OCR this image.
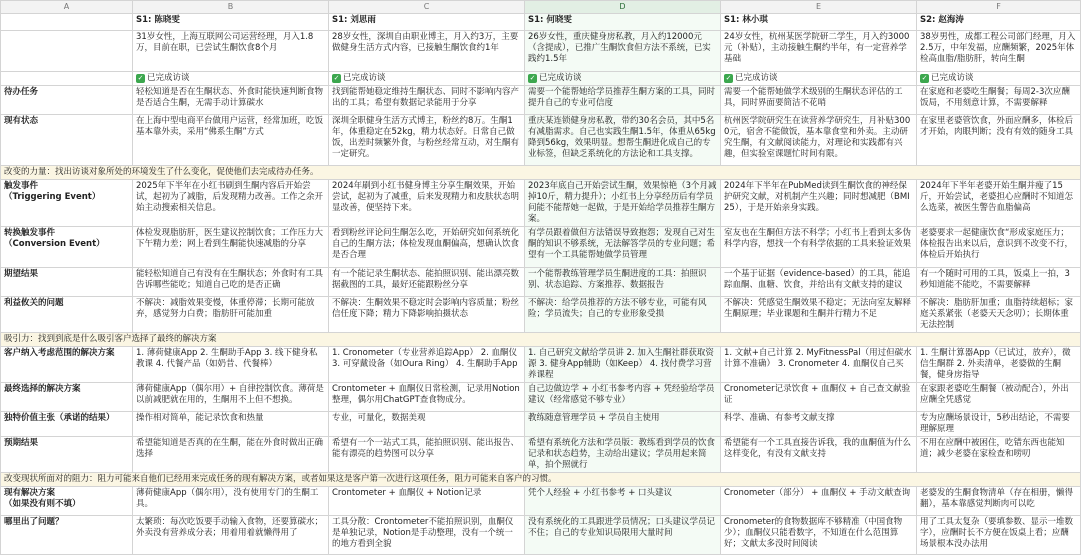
A	B	C	D	E	F
	S1: 陈晓雯	S1: 刘思雨	S1: 何晓雯	S1: 林小琪	S2: 赵海涛
	31岁女性，上海互联网公司运营经理，月入1.8万，目前在职，已尝试生酮饮食8个月	28岁女性，深圳自由职业博主，月入约3万，主要做健身生活方式内容，已接触生酮饮食约1年	26岁女性，重庆健身房私教，月入约12000元（含提成），已推广生酮饮食但方法不系统，已实践约1.5年	24岁女性，杭州某医学院研二学生，月入约3000元（补贴），主动接触生酮约半年，有一定营养学基础	38岁男性，成都工程公司部门经理，月入2.5万，中年发福，应酬频繁，2025年体检高血脂/脂肪肝，转向生酮
	✓ 已完成访谈	✓ 已完成访谈	✓ 已完成访谈	✓ 已完成访谈	✓ 已完成访谈
待办任务	轻松知道是否在生酮状态、外食时能快速判断食物是否适合生酮，无需手动计算碳水	找到能帮她稳定维持生酮状态、同时不影响内容产出的工具；希望有数据记录能用于分享	需要一个能帮她给学员推荐生酮方案的工具，同时提升自己的专业可信度	需要一个能帮她做学术级别的生酮状态评估的工具，同时界面要简洁不花哨	在家庭和老婆吃生酮餐；每周2-3次应酬饭局，不用刻意计算，不需要解释
现有状态	在上海中型电商平台做用户运营，经常加班，吃饭基本靠外卖，采用“佛系生酮”方式	深圳全职健身生活方式博主，粉丝约8万。生酮1年，体重稳定在52kg，精力状态好。日常自己做饭，出差时频繁外食，与粉丝经常互动，对生酮有一定研究。	重庆某连锁健身房私教，带约30名会员，其中5名有减脂需求。自己也实践生酮1.5年，体重从65kg降到56kg，效果明显。想帮生酮进化成自己的专业标签，但缺乏系统化的方法论和工具支撑。	杭州医学院研究生在读营养学研究生，月补贴3000元，宿舍不能做饭，基本靠食堂和外卖。主动研究生酮，有文献阅读能力，对理论和实践都有兴趣，但实验室课题忙时间有限。	在家里老婆管饮食，外面应酬多，体检后才开始，肉眼判断；没有有效的随身工具
改变的力量：找出访谈对象所处的环境发生了什么变化，促使他们去完成待办任务。					
触发事件
（Triggering Event）	2025年下半年在小红书刷到生酮内容后开始尝试，起初为了减脂，后发现精力改善。工作之余开始主动搜索相关信息。	2024年刷到小红书健身博主分享生酮效果，开始尝试，起初为了减重，后来发现精力和皮肤状态明显改善，便坚持下来。	2023年底自己开始尝试生酮，效果惊艳（3个月减掉10斤，精力提升）；小红书上分享经历后有学员问能不能帮她一起做，于是开始给学员推荐生酮方案。	2024年下半年在PubMed读到生酮饮食的神经保护研究文献，对机制产生兴趣；同时想减肥（BMI 25），于是开始亲身实践。	2024年下半年老婆开始生酮并瘦了15斤，开始尝试，老婆担心应酬时不知道怎么选菜，被医生警告血脂偏高
转换触发事件
（Conversion Event）	体检发现脂肪肝，医生建议控制饮食；工作压力大下午精力差；网上看到生酮能快速减脂的分享	看到粉丝评论问生酮怎么吃，开始研究如何系统化自己的生酮方法；体检发现血酮偏高，想确认饮食是否合理	有学员跟着做但方法错误导致抱怨；发现自己对生酮的知识不够系统，无法解答学员的专业问题；希望有一个工具能帮她做学员管理	室友也在生酮但方法不科学；小红书上看到太多伪科学内容，想找一个有科学依据的工具来验证效果	老婆要求一起健康饮食“形成家庭压力；体检报告出来以后，意识到不改变不行，体检后开始执行
期望结果	能轻松知道自己有没有在生酮状态；外食时有工具告诉哪些能吃；知道自己吃的是否正确	有一个能记录生酮状态、能拍照识别、能出漂亮数据截图的工具，最好还能跟粉丝分享	一个能帮教练管理学员生酮进度的工具：拍照识别、状态追踪、方案推荐、数据报告	一个基于证据（evidence-based）的工具，能追踪血酮、血糖、饮食，并给出有文献支持的建议	有一个随时可用的工具，饭桌上一拍，3秒知道能不能吃，不需要解释
利益攸关的问题	不解决：减脂效果变慢，体重停滞；长期可能放弃，感觉努力白费；脂肪肝可能加重	不解决：生酮效果不稳定时会影响内容质量；粉丝信任度下降；精力下降影响拍摄状态	不解决：给学员推荐的方法不够专业，可能有风险；学员流失；自己的专业形象受损	不解决：凭感觉生酮效果不稳定；无法向室友解释生酮原理；毕业课题和生酮并行精力不足	不解决：脂肪肝加重；血脂持续超标；家庭关系紧张（老婆天天念叨）；长期体重无法控制
吸引力：找到到底是什么吸引客户选择了最终的解决方案					
客户纳入考虑范围的解决方案	1. 薄荷健康App 2. 生酮助手App 3. 线下健身私教课 4. 代餐产品（如奶昔、代餐棒）	1. Cronometer（专业营养追踪App） 2. 血酮仪 3. 可穿戴设备（如Oura Ring） 4. 生酮助手App	1. 自己研究文献给学员讲 2. 加入生酮社群获取资源 3. 健身App辅助（如Keep） 4. 找付费学习营养课程	1. 文献+自己计算 2. MyFitnessPal（用过但碳水计算不准确） 3. Cronometer 4. 血酮仪自己买	1. 生酮计算器App（已试过，放弃），微信生酮群 2. 外卖清单，老婆做的生酮餐，健身房指导
最终选择的解决方案	薄荷健康App（偶尔用）+ 自律控制饮食。薄荷是以前减肥就在用的，生酮用不上但不想换。	Crontometer + 血酮仪日常检测，记录用Notion整理，偶尔用ChatGPT查食物成分。	自己边做边学 + 小红书参考内容 + 凭经验给学员建议（经常感觉不够专业）	Cronometer记录饮食 + 血酮仪 + 自己查文献验证	在家跟老婆吃生酮餐（被动配合），外出应酬全凭感觉
独特价值主张（承诺的结果）	操作相对简单，能记录饮食和热量	专业，可量化，数据美观	教练随意管理学员 + 学员自主使用	科学、准确、有参考文献支撑	专为应酬场景设计，5秒出结论，不需要理解原理
预期结果	希望能知道是否真的在生酮，能在外食时做出正确选择	希望有一个一站式工具，能拍照识别、能出报告、能有漂亮的趋势图可以分享	希望有系统化方法和学员版：教练看到学员的饮食记录和状态趋势，主动给出建议；学员用起来简单，拍个照就行	希望能有一个工具直接告诉我，我的血酮值为什么这样变化，有没有文献支持	不用在应酬中被困住，吃错东西也能知道；减少老婆在家检查和唠叨
改变现状所面对的阻力：阻力可能来自他们已经用来完成任务的现有解决方案，或者如果这是客户第一次进行这项任务，阻力可能来自客户的习惯。					
现有解决方案
（如果没有则不填）	薄荷健康App（偶尔用），没有使用专门的生酮工具。	Crontometer + 血酮仪 + Notion记录	凭个人经验 + 小红书参考 + 口头建议	Cronometer（部分） + 血酮仪 + 手动文献查询	老婆发的生酮食物清单（存在相册，懒得翻），基本靠感觉判断肉可以吃
哪里出了问题？	太繁琐：每次吃饭要手动输入食物，还要算碳水；外卖没有营养成分表；用着用着就懒得用了	工具分散：Crontometer不能拍照识别，血酮仪是单独记录，Notion是手动整理，没有一个统一的地方看到全貌	没有系统化的工具跟进学员情况；口头建议学员记不住；自己的专业知识局限用大量时间	Cronometer的食物数据库不够精准（中国食物少）；血酮仪只能看数字，不知道在什么范围算好；文献太多没时间阅读	用了工具太复杂（要填参数、显示一堆数字），应酬时长不方便在饭桌上看；应酬场景根本没办法用
